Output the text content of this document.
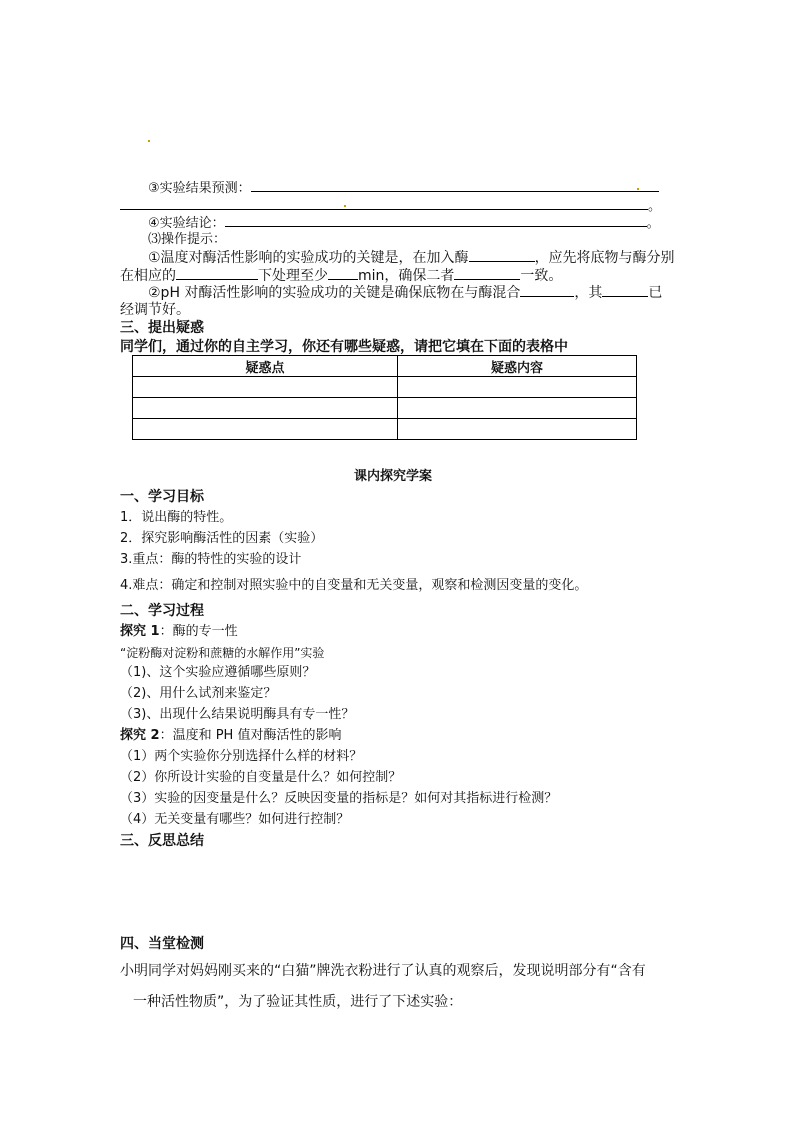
③实验结果预测：
。
④实验结论：	。
⑶操作提示：
①温度对酶活性影响的实验成功的关键是，在加入酶	，应先将底物与酶分别
在相应的	下处理至少 min，确保二者	一致。
②pH 对酶活性影响的实验成功的关键是确保底物在与酶混合	，其	已
经调节好。
三、提出疑惑
同学们，通过你的自主学习，你还有哪些疑惑，请把它填在下面的表格中
疑惑点	疑惑内容

课内探究学案
一、学习目标
1．说出酶的特性。
2．探究影响酶活性的因素（实验）
3.重点：酶的特性的实验的设计
4.难点：确定和控制对照实验中的自变量和无关变量，观察和检测因变量的变化。
二、学习过程
探究 1：酶的专一性
“淀粉酶对淀粉和蔗糖的水解作用”实验
（1)、这个实验应遵循哪些原则？
（2)、用什么试剂来鉴定？
（3)、出现什么结果说明酶具有专一性？
探究 2：温度和 PH 值对酶活性的影响
（1）两个实验你分别选择什么样的材料？
（2）你所设计实验的自变量是什么？如何控制？
（3）实验的因变量是什么？反映因变量的指标是？如何对其指标进行检测？
（4）无关变量有哪些？如何进行控制？
三、反思总结
四、当堂检测
小明同学对妈妈刚买来的“白猫”牌洗衣粉进行了认真的观察后，发现说明部分有“含有
一种活性物质”，为了验证其性质，进行了下述实验：
